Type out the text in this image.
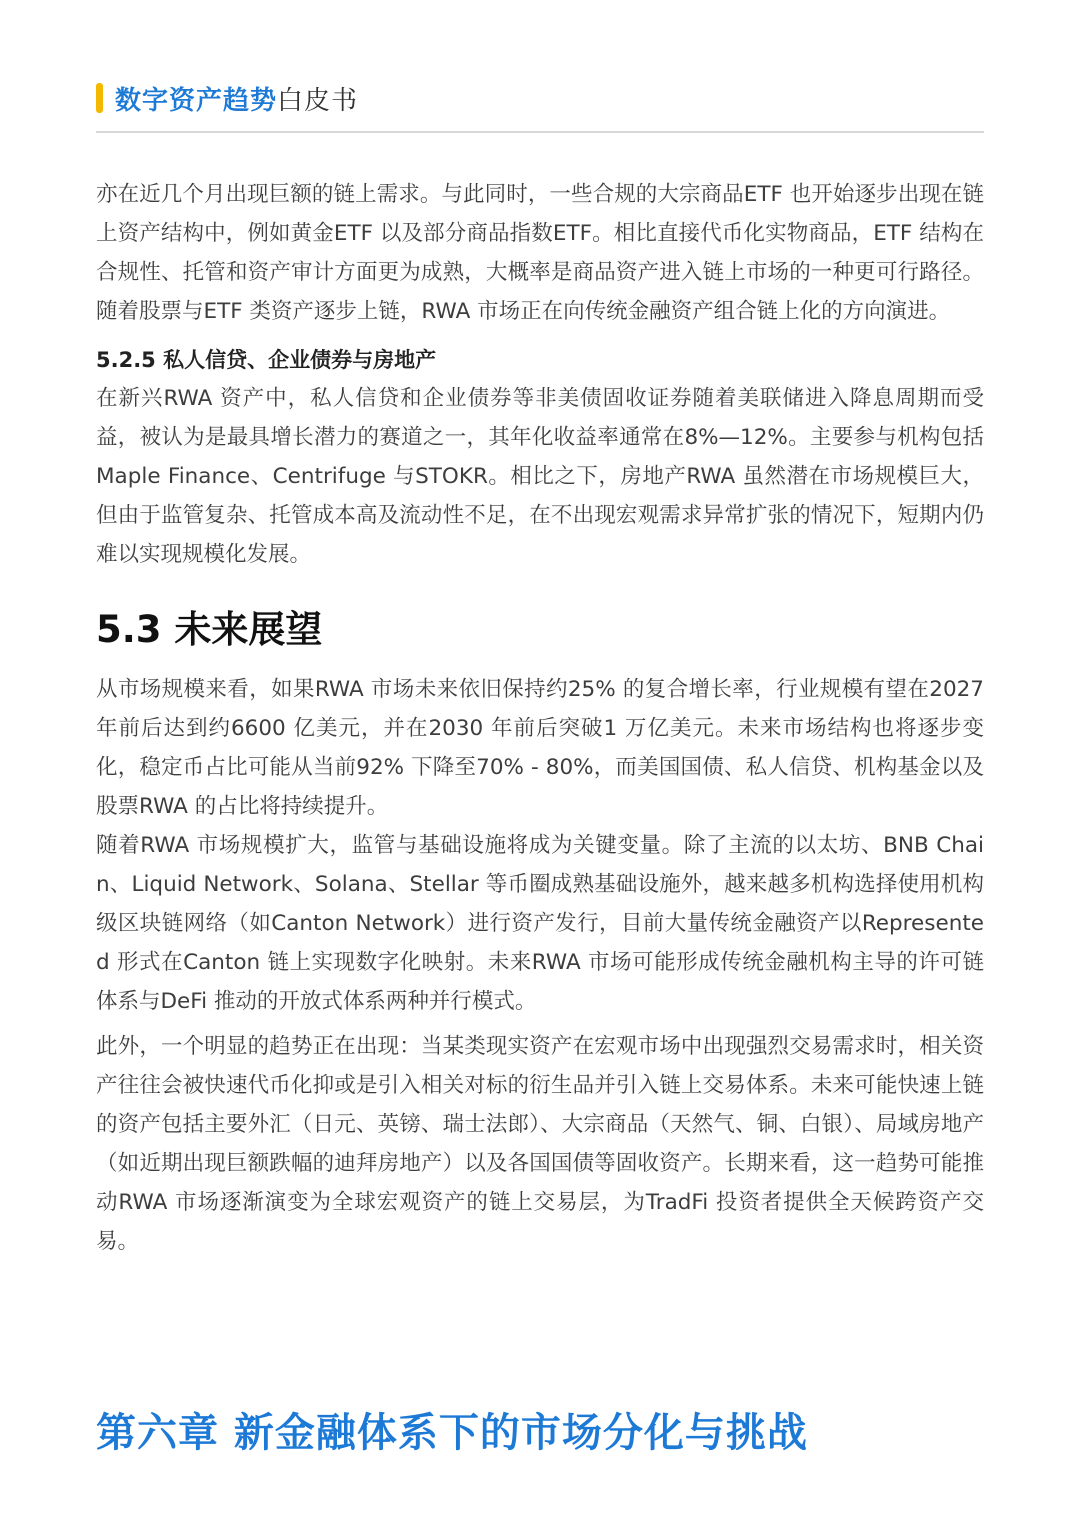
数字资产趋势白皮书

亦在近几个月出现巨额的链上需求。与此同时，一些合规的大宗商品ETF 也开始逐步出现在链上资产结构中，例如黄金ETF 以及部分商品指数ETF。相比直接代币化实物商品，ETF 结构在合规性、托管和资产审计方面更为成熟，大概率是商品资产进入链上市场的一种更可行路径。随着股票与ETF 类资产逐步上链，RWA 市场正在向传统金融资产组合链上化的方向演进。

5.2.5 私人信贷、企业债券与房地产

在新兴RWA 资产中，私人信贷和企业债券等非美债固收证券随着美联储进入降息周期而受益，被认为是最具增长潜力的赛道之一，其年化收益率通常在8%—12%。主要参与机构包括Maple Finance、Centrifuge 与STOKR。相比之下，房地产RWA 虽然潜在市场规模巨大，但由于监管复杂、托管成本高及流动性不足，在不出现宏观需求异常扩张的情况下，短期内仍难以实现规模化发展。

5.3 未来展望

从市场规模来看，如果RWA 市场未来依旧保持约25% 的复合增长率，行业规模有望在2027年前后达到约6600 亿美元，并在2030 年前后突破1 万亿美元。未来市场结构也将逐步变化，稳定币占比可能从当前92% 下降至70% - 80%，而美国国债、私人信贷、机构基金以及股票RWA 的占比将持续提升。

随着RWA 市场规模扩大，监管与基础设施将成为关键变量。除了主流的以太坊、BNB Chain、Liquid Network、Solana、Stellar 等币圈成熟基础设施外，越来越多机构选择使用机构级区块链网络（如Canton Network）进行资产发行，目前大量传统金融资产以Represented 形式在Canton 链上实现数字化映射。未来RWA 市场可能形成传统金融机构主导的许可链体系与DeFi 推动的开放式体系两种并行模式。

此外，一个明显的趋势正在出现：当某类现实资产在宏观市场中出现强烈交易需求时，相关资产往往会被快速代币化抑或是引入相关对标的衍生品并引入链上交易体系。未来可能快速上链的资产包括主要外汇（日元、英镑、瑞士法郎）、大宗商品（天然气、铜、白银）、局域房地产（如近期出现巨额跌幅的迪拜房地产）以及各国国债等固收资产。长期来看，这一趋势可能推动RWA 市场逐渐演变为全球宏观资产的链上交易层，为TradFi 投资者提供全天候跨资产交易。

第六章 新金融体系下的市场分化与挑战
